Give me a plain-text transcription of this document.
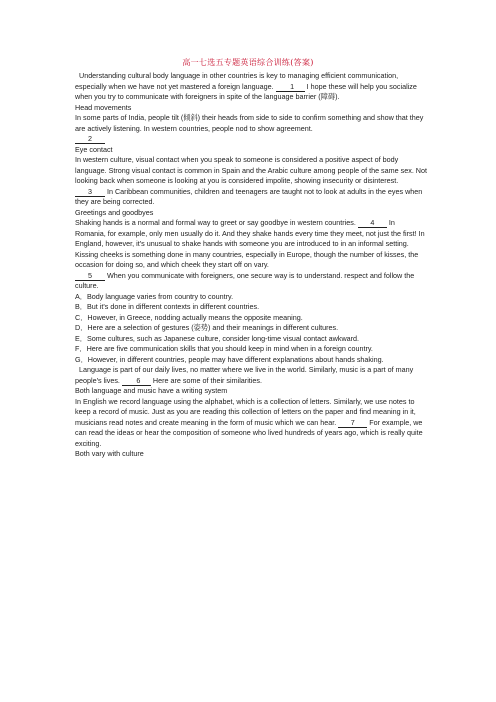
高一七选五专题英语综合训练(答案)

Understanding cultural body language in other countries is key to managing efficient communication, especially when we have not yet mastered a foreign language. 1 I hope these will help you socialize when you try to communicate with foreigners in spite of the language barrier (障碍).

Head movements

In some parts of India, people tilt (倾斜) their heads from side to side to confirm something and show that they are actively listening. In western countries, people nod to show agreement.

2

Eye contact

In western culture, visual contact when you speak to someone is considered a positive aspect of body language. Strong visual contact is common in Spain and the Arabic culture among people of the same sex. Not looking back when someone is looking at you is considered impolite, showing insecurity or disinterest.

3 In Caribbean communities, children and teenagers are taught not to look at adults in the eyes when they are being corrected.

Greetings and goodbyes

Shaking hands is a normal and formal way to greet or say goodbye in western countries. 4 In Romania, for example, only men usually do it. And they shake hands every time they meet, not just the first! In England, however, it's unusual to shake hands with someone you are introduced to in an informal setting. Kissing cheeks is something done in many countries, especially in Europe, though the number of kisses, the occasion for doing so, and which cheek they start off on vary.

5 When you communicate with foreigners, one secure way is to understand. respect and follow the culture.

A．Body language varies from country to country.

B．But it's done in different contexts in different countries.

C．However, in Greece, nodding actually means the opposite meaning.

D．Here are a selection of gestures (姿势) and their meanings in different cultures.

E．Some cultures, such as Japanese culture, consider long-time visual contact awkward.

F．Here are five communication skills that you should keep in mind when in a foreign country.

G．However, in different countries, people may have different explanations about hands shaking.

Language is part of our daily lives, no matter where we live in the world. Similarly, music is a part of many people's lives. 6 Here are some of their similarities.

Both language and music have a writing system

In English we record language using the alphabet, which is a collection of letters. Similarly, we use notes to keep a record of music. Just as you are reading this collection of letters on the paper and find meaning in it, musicians read notes and create meaning in the form of music which we can hear. 7 For example, we can read the ideas or hear the composition of someone who lived hundreds of years ago, which is really quite exciting.

Both vary with culture
